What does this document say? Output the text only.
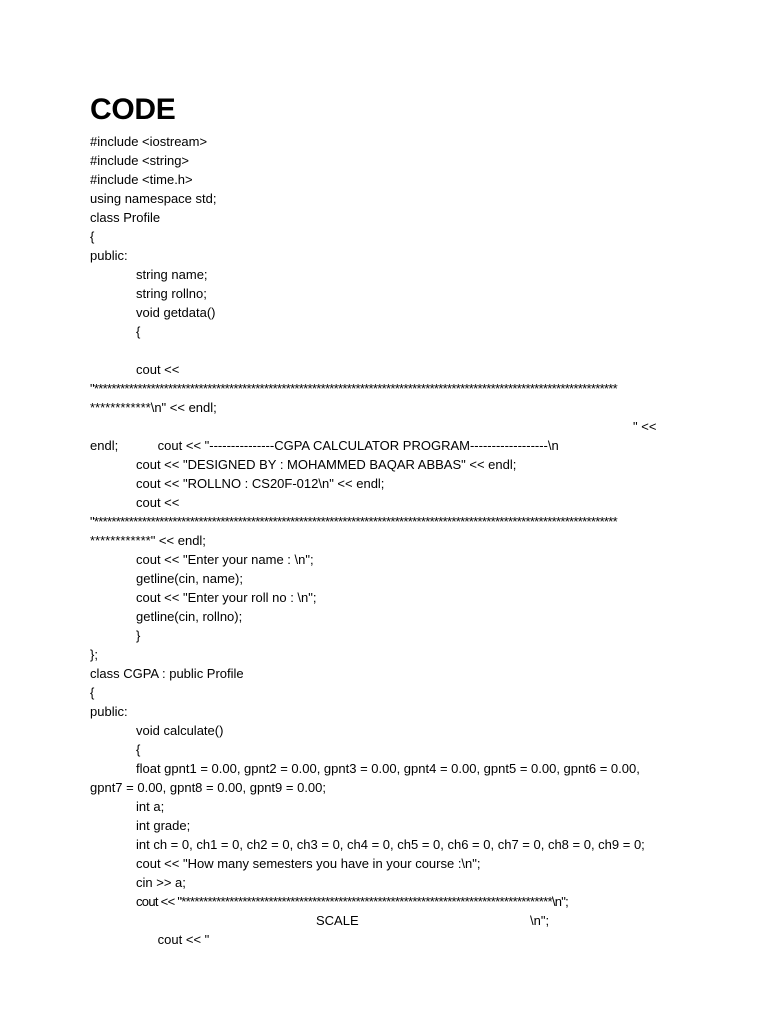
CODE
#include <iostream>
#include <string>
#include <time.h>
using namespace std;
class Profile
{
public:
string name;
string rollno;
void getdata()
{
cout <<
"************************************************************************************************************************
************\n" << endl;

cout << "---------------CGPA CALCULATOR PROGRAM------------------\n

" <<

endl;
cout << "DESIGNED BY : MOHAMMED BAQAR ABBAS" << endl;
cout << "ROLLNO : CS20F-012\n" << endl;
cout <<
"************************************************************************************************************************
************" << endl;
cout << "Enter your name : \n";
getline(cin, name);
cout << "Enter your roll no : \n";
getline(cin, rollno);
}
};
class CGPA : public Profile
{
public:
void calculate()
{
float gpnt1 = 0.00, gpnt2 = 0.00, gpnt3 = 0.00, gpnt4 = 0.00, gpnt5 = 0.00, gpnt6 = 0.00,
gpnt7 = 0.00, gpnt8 = 0.00, gpnt9 = 0.00;
int a;
int grade;
int ch = 0, ch1 = 0, ch2 = 0, ch3 = 0, ch4 = 0, ch5 = 0, ch6 = 0, ch7 = 0, ch8 = 0, ch9 = 0;
cout << "How many semesters you have in your course :\n";
cin >> a;
cout << "*************************************************************************************\n";

cout << "

SCALE

	\n";
